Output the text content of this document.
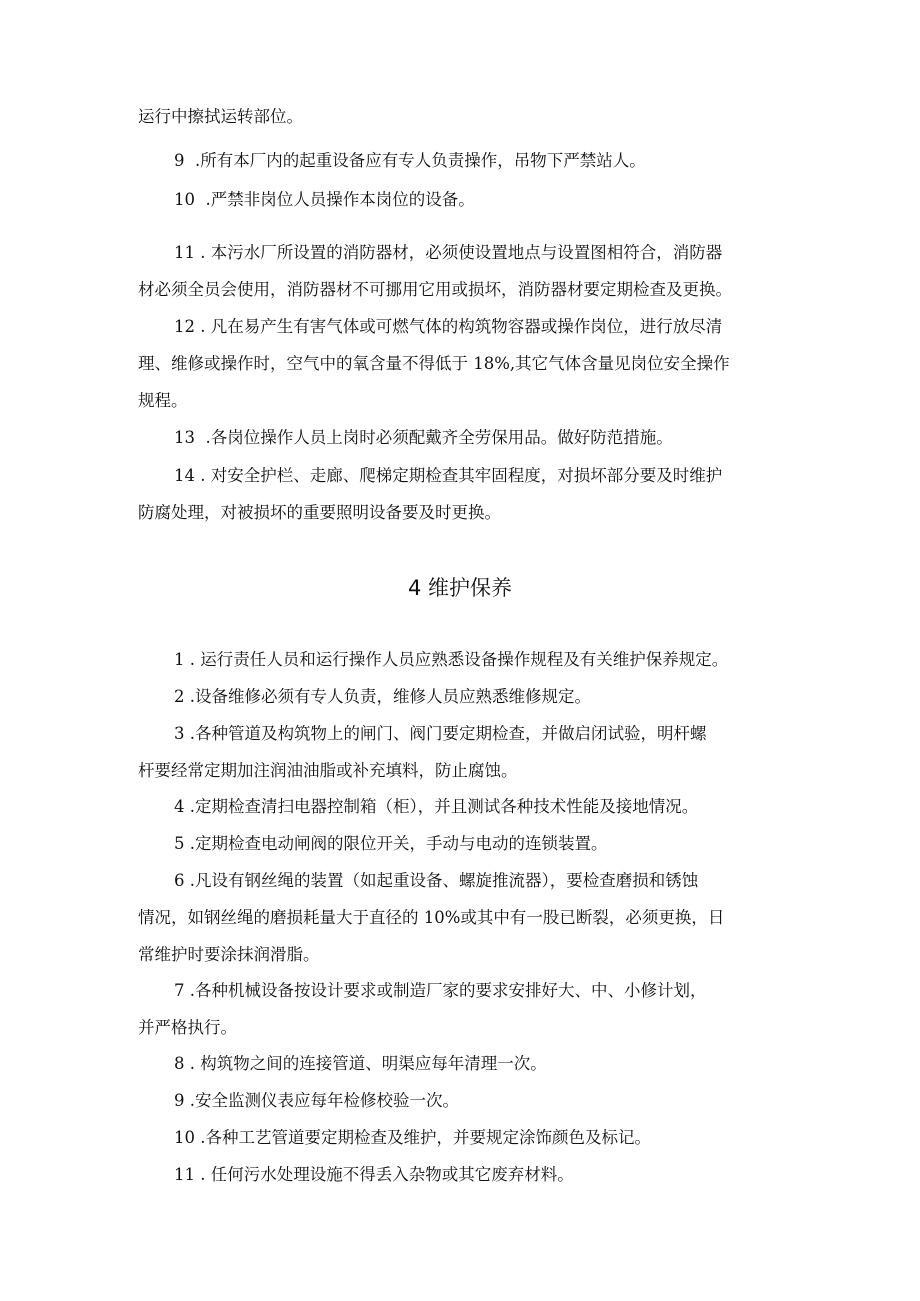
运行中擦拭运转部位。
9  .所有本厂内的起重设备应有专人负责操作，吊物下严禁站人。
10  .严禁非岗位人员操作本岗位的设备。
11 . 本污水厂所设置的消防器材，必须使设置地点与设置图相符合，消防器
材必须全员会使用，消防器材不可挪用它用或损坏，消防器材要定期检查及更换。
12 . 凡在易产生有害气体或可燃气体的构筑物容器或操作岗位，进行放尽清
理、维修或操作时，空气中的氧含量不得低于 18%,其它气体含量见岗位安全操作
规程。
13  .各岗位操作人员上岗时必须配戴齐全劳保用品。做好防范措施。
14 . 对安全护栏、走廊、爬梯定期检查其牢固程度，对损坏部分要及时维护
防腐处理，对被损坏的重要照明设备要及时更换。
4 维护保养
1 . 运行责任人员和运行操作人员应熟悉设备操作规程及有关维护保养规定。
2 .设备维修必须有专人负责，维修人员应熟悉维修规定。
3 .各种管道及构筑物上的闸门、阀门要定期检查，并做启闭试验，明杆螺
杆要经常定期加注润油油脂或补充填料，防止腐蚀。
4 .定期检查清扫电器控制箱（柜），并且测试各种技术性能及接地情况。
5 .定期检查电动闸阀的限位开关，手动与电动的连锁装置。
6 .凡设有钢丝绳的装置（如起重设备、螺旋推流器），要检查磨损和锈蚀
情况，如钢丝绳的磨损耗量大于直径的 10%或其中有一股已断裂，必须更换，日
常维护时要涂抹润滑脂。
7 .各种机械设备按设计要求或制造厂家的要求安排好大、中、小修计划，
并严格执行。
8 . 构筑物之间的连接管道、明渠应每年清理一次。
9 .安全监测仪表应每年检修校验一次。
10 .各种工艺管道要定期检查及维护，并要规定涂饰颜色及标记。
11 . 任何污水处理设施不得丢入杂物或其它废弃材料。
